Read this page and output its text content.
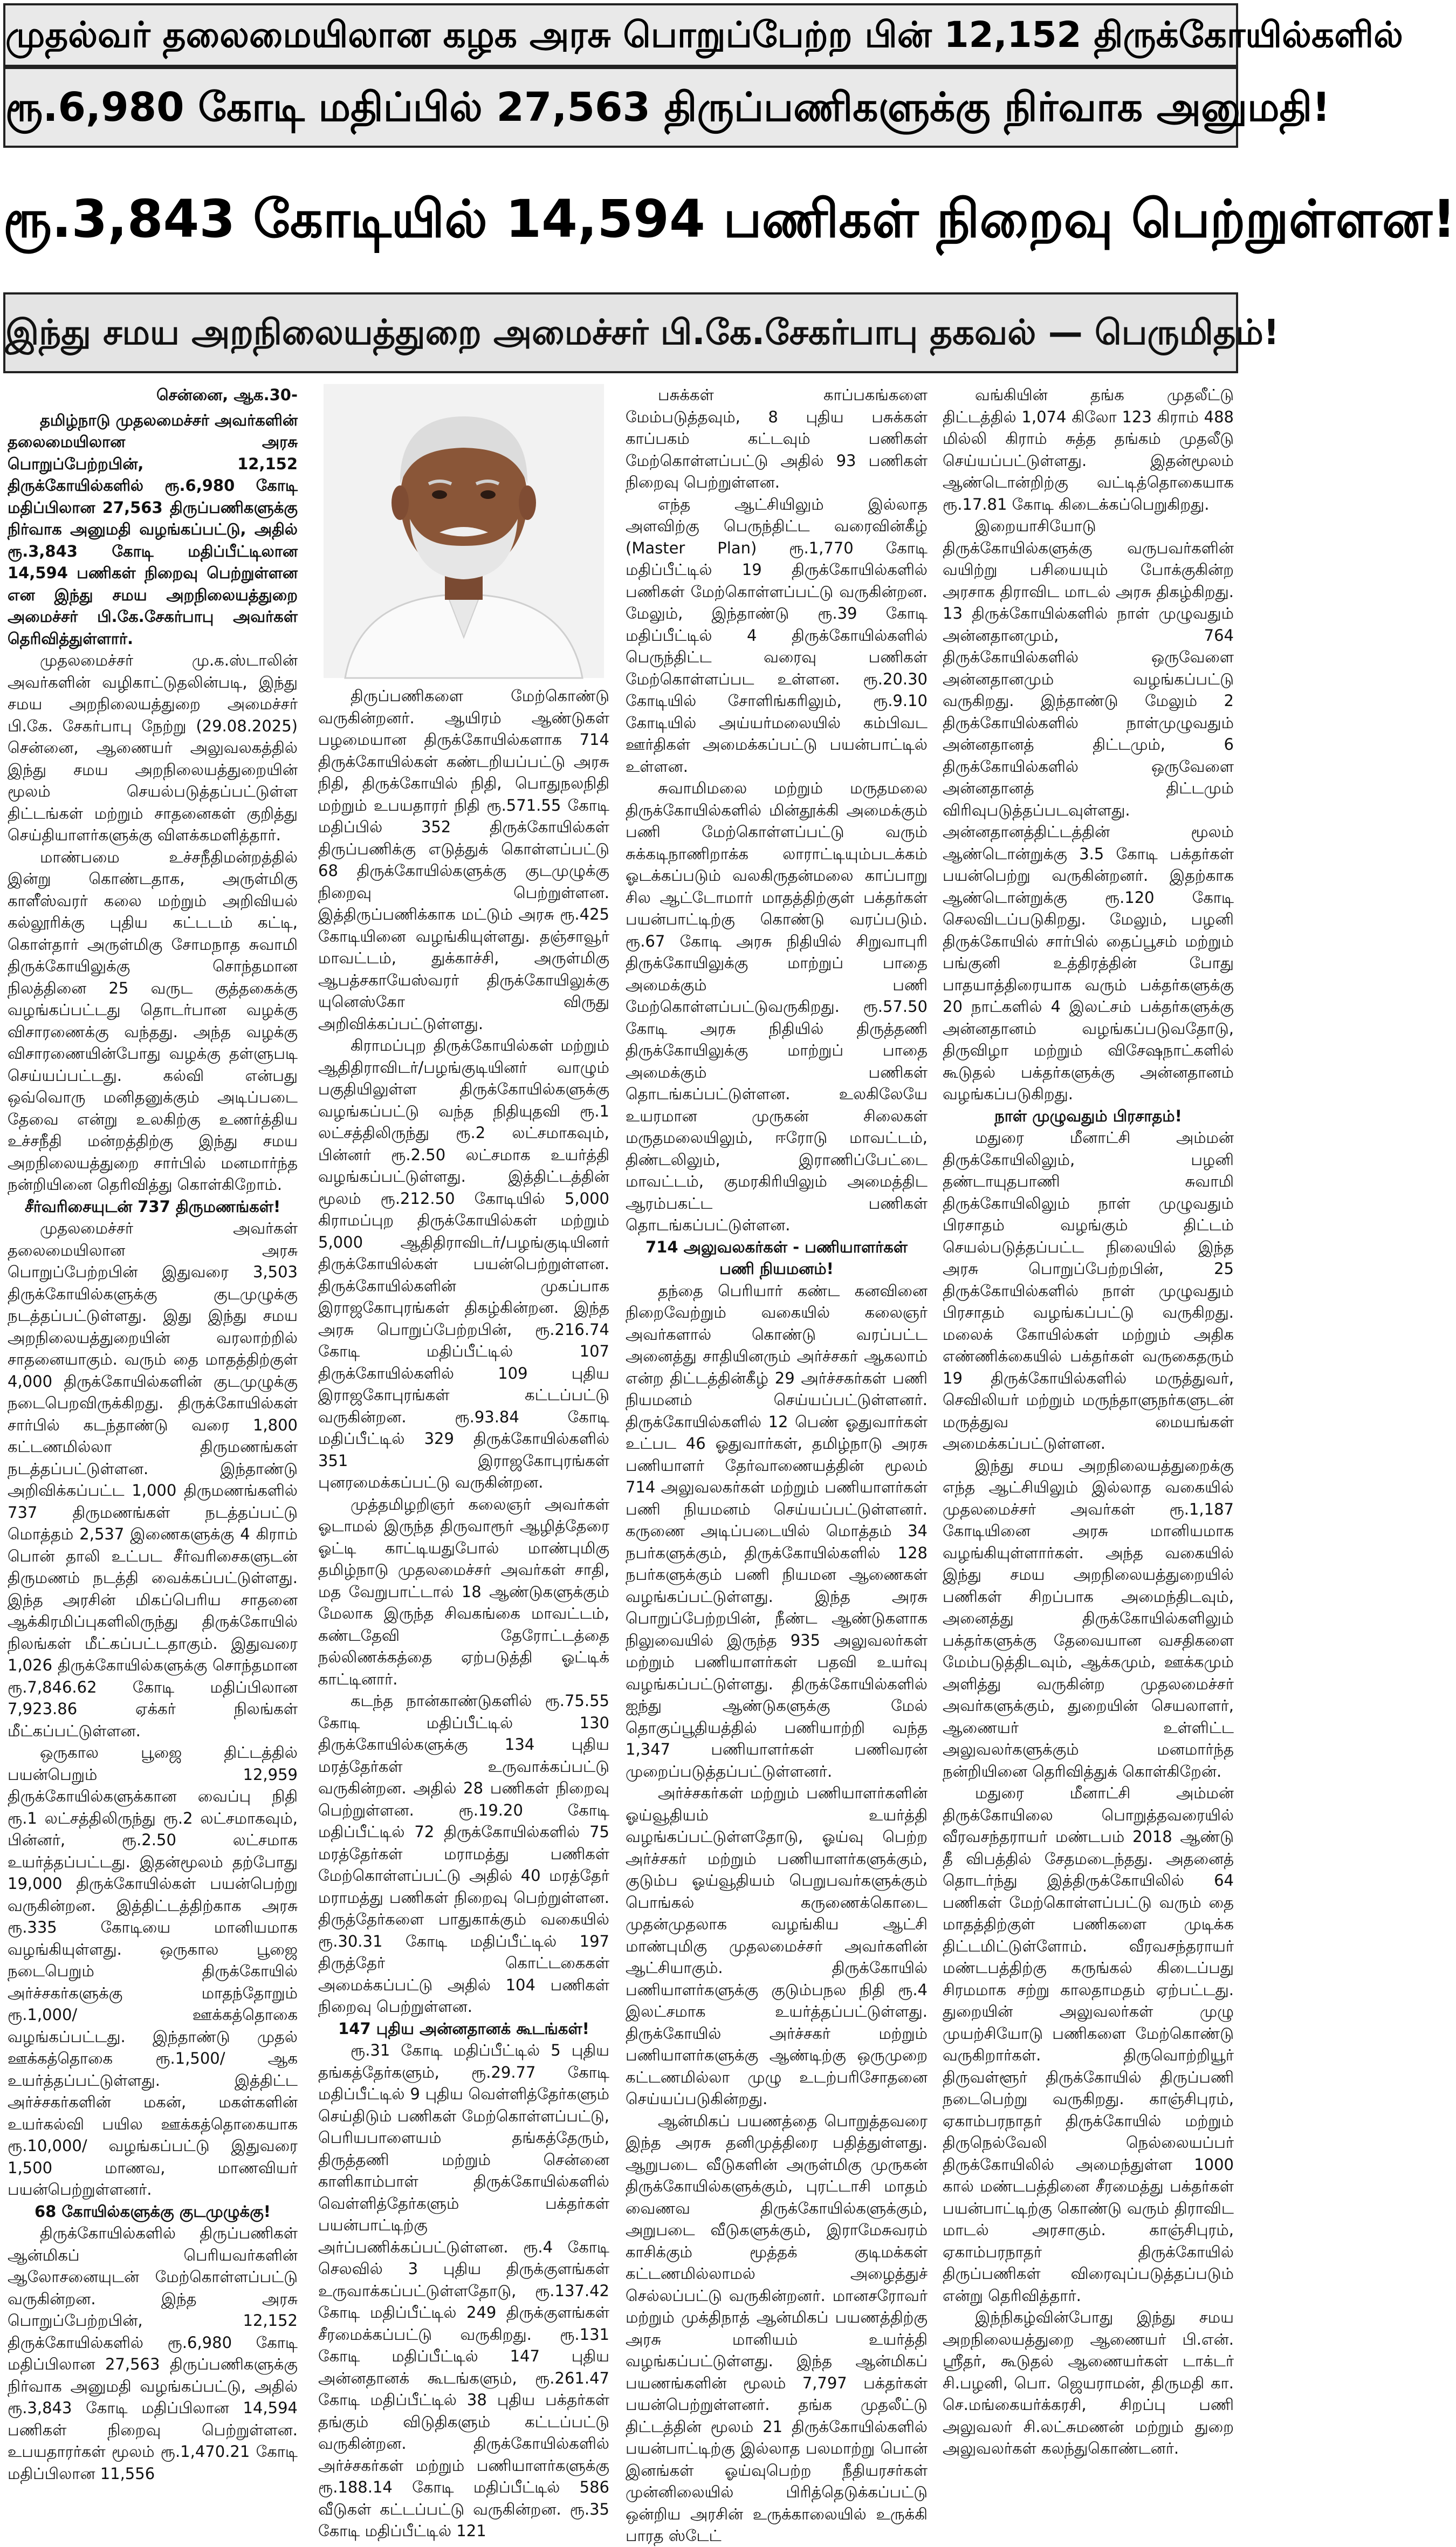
முதல்வர் தலைமையிலான கழக அரசு பொறுப்பேற்ற பின் 12,152 திருக்கோயில்களில்
ரூ.6,980 கோடி மதிப்பில் 27,563 திருப்பணிகளுக்கு நிர்வாக அனுமதி!
ரூ.3,843 கோடியில் 14,594 பணிகள் நிறைவு பெற்றுள்ளன!
இந்து சமய அறநிலையத்துறை அமைச்சர் பி.கே.சேகர்பாபு தகவல் — பெருமிதம்!
சென்னை, ஆக.30-

தமிழ்நாடு முதலமைச்சர் அவர்களின் தலைமையிலான அரசு பொறுப்பேற்றபின், 12,152 திருக்கோயில்களில் ரூ.6,980 கோடி மதிப்பிலான 27,563 திருப்பணிகளுக்கு நிர்வாக அனுமதி வழங்கப்பட்டு, அதில் ரூ.3,843 கோடி மதிப்பீட்டிலான 14,594 பணிகள் நிறைவு பெற்றுள்ளன என இந்து சமய அறநிலையத்துறை அமைச்சர் பி.கே.சேகர்பாபு அவர்கள் தெரிவித்துள்ளார்.

முதலமைச்சர் மு.க.ஸ்டாலின் அவர்களின் வழிகாட்டுதலின்படி, இந்து சமய அறநிலையத்துறை அமைச்சர் பி.கே. சேகர்பாபு நேற்று (29.08.2025) சென்னை, ஆணையர் அலுவலகத்தில் இந்து சமய அறநிலையத்துறையின் மூலம் செயல்படுத்தப்பட்டுள்ள திட்டங்கள் மற்றும் சாதனைகள் குறித்து செய்தியாளர்களுக்கு விளக்கமளித்தார்.

மாண்பமை உச்சநீதிமன்றத்தில் இன்று கொண்டதாக, அருள்மிகு காளீஸ்வரர் கலை மற்றும் அறிவியல் கல்லூரிக்கு புதிய கட்டடம் கட்டி, கொள்தார் அருள்மிகு சோமநாத சுவாமி திருக்கோயிலுக்கு சொந்தமான நிலத்தினை 25 வருட குத்தகைக்கு வழங்கப்பட்டது தொடர்பான வழக்கு விசாரணைக்கு வந்தது. அந்த வழக்கு விசாரணையின்போது வழக்கு தள்ளுபடி செய்யப்பட்டது. கல்வி என்பது ஒவ்வொரு மனிதனுக்கும் அடிப்படை தேவை என்று உலகிற்கு உணர்த்திய உச்சநீதி மன்றத்திற்கு இந்து சமய அறநிலையத்துறை சார்பில் மனமார்ந்த நன்றியினை தெரிவித்து கொள்கிறோம்.

சீர்வரிசையுடன் 737 திருமணங்கள்!

முதலமைச்சர் அவர்கள் தலைமையிலான அரசு பொறுப்பேற்றபின் இதுவரை 3,503 திருக்கோயில்களுக்கு குடமுழுக்கு நடத்தப்பட்டுள்ளது. இது இந்து சமய அறநிலையத்துறையின் வரலாற்றில் சாதனையாகும். வரும் தை மாதத்திற்குள் 4,000 திருக்கோயில்களின் குடமுழுக்கு நடைபெறவிருக்கிறது. திருக்கோயில்கள் சார்பில் கடந்தாண்டு வரை 1,800 கட்டணமில்லா திருமணங்கள் நடத்தப்பட்டுள்ளன. இந்தாண்டு அறிவிக்கப்பட்ட 1,000 திருமணங்களில் 737 திருமணங்கள் நடத்தப்பட்டு மொத்தம் 2,537 இணைகளுக்கு 4 கிராம் பொன் தாலி உட்பட சீர்வரிசைகளுடன் திருமணம் நடத்தி வைக்கப்பட்டுள்ளது. இந்த அரசின் மிகப்பெரிய சாதனை ஆக்கிரமிப்புகளிலிருந்து திருக்கோயில் நிலங்கள் மீட்கப்பட்டதாகும். இதுவரை 1,026 திருக்கோயில்களுக்கு சொந்தமான ரூ.7,846.62 கோடி மதிப்பிலான 7,923.86 ஏக்கர் நிலங்கள் மீட்கப்பட்டுள்ளன.

ஒருகால பூஜை திட்டத்தில் பயன்பெறும் 12,959 திருக்கோயில்களுக்கான வைப்பு நிதி ரூ.1 லட்சத்திலிருந்து ரூ.2 லட்சமாகவும், பின்னர், ரூ.2.50 லட்சமாக உயர்த்தப்பட்டது. இதன்மூலம் தற்போது 19,000 திருக்கோயில்கள் பயன்பெற்று வருகின்றன. இத்திட்டத்திற்காக அரசு ரூ.335 கோடியை மானியமாக வழங்கியுள்ளது. ஒருகால பூஜை நடைபெறும் திருக்கோயில் அர்ச்சகர்களுக்கு மாதந்தோறும் ரூ.1,000/ ஊக்கத்தொகை வழங்கப்பட்டது. இந்தாண்டு முதல் ஊக்கத்தொகை ரூ.1,500/ ஆக உயர்த்தப்பட்டுள்ளது. இத்திட்ட அர்ச்சகர்களின் மகன், மகள்களின் உயர்கல்வி பயில ஊக்கத்தொகையாக ரூ.10,000/ வழங்கப்பட்டு இதுவரை 1,500 மாணவ, மாணவியர் பயன்பெற்றுள்ளனர்.

68 கோயில்களுக்கு குடமுழுக்கு!

திருக்கோயில்களில் திருப்பணிகள் ஆன்மிகப் பெரியவர்களின் ஆலோசனையுடன் மேற்கொள்ளப்பட்டு வருகின்றன. இந்த அரசு பொறுப்பேற்றபின், 12,152 திருக்கோயில்களில் ரூ.6,980 கோடி மதிப்பிலான 27,563 திருப்பணிகளுக்கு நிர்வாக அனுமதி வழங்கப்பட்டு, அதில் ரூ.3,843 கோடி மதிப்பிலான 14,594 பணிகள் நிறைவு பெற்றுள்ளன. உபயதாரர்கள் மூலம் ரூ.1,470.21 கோடி மதிப்பிலான 11,556

திருப்பணிகளை மேற்கொண்டு வருகின்றனர். ஆயிரம் ஆண்டுகள் பழமையான திருக்கோயில்களாக 714 திருக்கோயில்கள் கண்டறியப்பட்டு அரசு நிதி, திருக்கோயில் நிதி, பொதுநலநிதி மற்றும் உபயதாரர் நிதி ரூ.571.55 கோடி மதிப்பில் 352 திருக்கோயில்கள் திருப்பணிக்கு எடுத்துக் கொள்ளப்பட்டு 68 திருக்கோயில்களுக்கு குடமுழுக்கு நிறைவு பெற்றுள்ளன. இத்திருப்பணிக்காக மட்டும் அரசு ரூ.425 கோடியினை வழங்கியுள்ளது. தஞ்சாவூர் மாவட்டம், துக்காச்சி, அருள்மிகு ஆபத்சகாயேஸ்வரர் திருக்கோயிலுக்கு யுனெஸ்கோ விருது அறிவிக்கப்பட்டுள்ளது.

கிராமப்புற திருக்கோயில்கள் மற்றும் ஆதிதிராவிடர்/பழங்குடியினர் வாழும் பகுதியிலுள்ள திருக்கோயில்களுக்கு வழங்கப்பட்டு வந்த நிதியுதவி ரூ.1 லட்சத்திலிருந்து ரூ.2 லட்சமாகவும், பின்னர் ரூ.2.50 லட்சமாக உயர்த்தி வழங்கப்பட்டுள்ளது. இத்திட்டத்தின் மூலம் ரூ.212.50 கோடியில் 5,000 கிராமப்புற திருக்கோயில்கள் மற்றும் 5,000 ஆதிதிராவிடர்/பழங்குடியினர் திருக்கோயில்கள் பயன்பெற்றுள்ளன. திருக்கோயில்களின் முகப்பாக இராஜகோபுரங்கள் திகழ்கின்றன. இந்த அரசு பொறுப்பேற்றபின், ரூ.216.74 கோடி மதிப்பீட்டில் 107 திருக்கோயில்களில் 109 புதிய இராஜகோபுரங்கள் கட்டப்பட்டு வருகின்றன. ரூ.93.84 கோடி மதிப்பீட்டில் 329 திருக்கோயில்களில் 351 இராஜகோபுரங்கள் புனரமைக்கப்பட்டு வருகின்றன.

முத்தமிழறிஞர் கலைஞர் அவர்கள் ஓடாமல் இருந்த திருவாரூர் ஆழித்தேரை ஓட்டி காட்டியதுபோல் மாண்புமிகு தமிழ்நாடு முதலமைச்சர் அவர்கள் சாதி, மத வேறுபாட்டால் 18 ஆண்டுகளுக்கும் மேலாக இருந்த சிவகங்கை மாவட்டம், கண்டதேவி தேரோட்டத்தை நல்லிணக்கத்தை ஏற்படுத்தி ஓட்டிக் காட்டினார்.

கடந்த நான்காண்டுகளில் ரூ.75.55 கோடி மதிப்பீட்டில் 130 திருக்கோயில்களுக்கு 134 புதிய மரத்தேர்கள் உருவாக்கப்பட்டு வருகின்றன. அதில் 28 பணிகள் நிறைவு பெற்றுள்ளன. ரூ.19.20 கோடி மதிப்பீட்டில் 72 திருக்கோயில்களில் 75 மரத்தேர்கள் மராமத்து பணிகள் மேற்கொள்ளப்பட்டு அதில் 40 மரத்தேர் மராமத்து பணிகள் நிறைவு பெற்றுள்ளன. திருத்தேர்களை பாதுகாக்கும் வகையில் ரூ.30.31 கோடி மதிப்பீட்டில் 197 திருத்தேர் கொட்டகைகள் அமைக்கப்பட்டு அதில் 104 பணிகள் நிறைவு பெற்றுள்ளன.

147 புதிய அன்னதானக் கூடங்கள்!

ரூ.31 கோடி மதிப்பீட்டில் 5 புதிய தங்கத்தேர்களும், ரூ.29.77 கோடி மதிப்பீட்டில் 9 புதிய வெள்ளித்தேர்களும் செய்திடும் பணிகள் மேற்கொள்ளப்பட்டு, பெரியபாளையம் தங்கத்தேரும், திருத்தணி மற்றும் சென்னை காளிகாம்பாள் திருக்கோயில்களில் வெள்ளித்தேர்களும் பக்தர்கள் பயன்பாட்டிற்கு அர்ப்பணிக்கப்பட்டுள்ளன. ரூ.4 கோடி செலவில் 3 புதிய திருக்குளங்கள் உருவாக்கப்பட்டுள்ளதோடு, ரூ.137.42 கோடி மதிப்பீட்டில் 249 திருக்குளங்கள் சீரமைக்கப்பட்டு வருகிறது. ரூ.131 கோடி மதிப்பீட்டில் 147 புதிய அன்னதானக் கூடங்களும், ரூ.261.47 கோடி மதிப்பீட்டில் 38 புதிய பக்தர்கள் தங்கும் விடுதிகளும் கட்டப்பட்டு வருகின்றன. திருக்கோயில்களில் அர்ச்சகர்கள் மற்றும் பணியாளர்களுக்கு ரூ.188.14 கோடி மதிப்பீட்டில் 586 வீடுகள் கட்டப்பட்டு வருகின்றன. ரூ.35 கோடி மதிப்பீட்டில் 121

பசுக்கள் காப்பகங்களை மேம்படுத்தவும், 8 புதிய பசுக்கள் காப்பகம் கட்டவும் பணிகள் மேற்கொள்ளப்பட்டு அதில் 93 பணிகள் நிறைவு பெற்றுள்ளன.

எந்த ஆட்சியிலும் இல்லாத அளவிற்கு பெருந்திட்ட வரைவின்கீழ் (Master Plan) ரூ.1,770 கோடி மதிப்பீட்டில் 19 திருக்கோயில்களில் பணிகள் மேற்கொள்ளப்பட்டு வருகின்றன. மேலும், இந்தாண்டு ரூ.39 கோடி மதிப்பீட்டில் 4 திருக்கோயில்களில் பெருந்திட்ட வரைவு பணிகள் மேற்கொள்ளப்பட உள்ளன. ரூ.20.30 கோடியில் சோளிங்கரிலும், ரூ.9.10 கோடியில் அய்யர்மலையில் கம்பிவட ஊர்திகள் அமைக்கப்பட்டு பயன்பாட்டில் உள்ளன.

சுவாமிமலை மற்றும் மருதமலை திருக்கோயில்களில் மின்தூக்கி அமைக்கும் பணி மேற்கொள்ளப்பட்டு வரும் சுக்கடிநாணிறாக்க லாராட்டியும்படக்கம் ஓடக்கப்படும் வலகிருதன்மலை காப்பாறு சில ஆட்டோமார் மாதத்திற்குள் பக்தர்கள் பயன்பாட்டிற்கு கொண்டு வரப்படும். ரூ.67 கோடி அரசு நிதியில் சிறுவாபுரி திருக்கோயிலுக்கு மாற்றுப் பாதை அமைக்கும் பணி மேற்கொள்ளப்பட்டுவருகிறது. ரூ.57.50 கோடி அரசு நிதியில் திருத்தணி திருக்கோயிலுக்கு மாற்றுப் பாதை அமைக்கும் பணிகள் தொடங்கப்பட்டுள்ளன. உலகிலேயே உயரமான முருகன் சிலைகள் மருதமலையிலும், ஈரோடு மாவட்டம், திண்டலிலும், இராணிப்பேட்டை மாவட்டம், குமரகிரியிலும் அமைத்திட ஆரம்பகட்ட பணிகள் தொடங்கப்பட்டுள்ளன.

714 அலுவலகர்கள் - பணியாளர்கள் பணி நியமனம்!

தந்தை பெரியார் கண்ட கனவினை நிறைவேற்றும் வகையில் கலைஞர் அவர்களால் கொண்டு வரப்பட்ட அனைத்து சாதியினரும் அர்ச்சகர் ஆகலாம் என்ற திட்டத்தின்கீழ் 29 அர்ச்சகர்கள் பணி நியமனம் செய்யப்பட்டுள்ளனர். திருக்கோயில்களில் 12 பெண் ஓதுவார்கள் உட்பட 46 ஓதுவார்கள், தமிழ்நாடு அரசு பணியாளர் தேர்வாணையத்தின் மூலம் 714 அலுவலகர்கள் மற்றும் பணியாளர்கள் பணி நியமனம் செய்யப்பட்டுள்ளனர். கருணை அடிப்படையில் மொத்தம் 34 நபர்களுக்கும், திருக்கோயில்களில் 128 நபர்களுக்கும் பணி நியமன ஆணைகள் வழங்கப்பட்டுள்ளது. இந்த அரசு பொறுப்பேற்றபின், நீண்ட ஆண்டுகளாக நிலுவையில் இருந்த 935 அலுவலர்கள் மற்றும் பணியாளர்கள் பதவி உயர்வு வழங்கப்பட்டுள்ளது. திருக்கோயில்களில் ஐந்து ஆண்டுகளுக்கு மேல் தொகுப்பூதியத்தில் பணியாற்றி வந்த 1,347 பணியாளர்கள் பணிவரன் முறைப்படுத்தப்பட்டுள்ளனர்.

அர்ச்சகர்கள் மற்றும் பணியாளர்களின் ஓய்வூதியம் உயர்த்தி வழங்கப்பட்டுள்ளதோடு, ஓய்வு பெற்ற அர்ச்சகர் மற்றும் பணியாளர்களுக்கும், குடும்ப ஓய்வூதியம் பெறுபவர்களுக்கும் பொங்கல் கருணைக்கொடை முதன்முதலாக வழங்கிய ஆட்சி மாண்புமிகு முதலமைச்சர் அவர்களின் ஆட்சியாகும். திருக்கோயில் பணியாளர்களுக்கு குடும்பநல நிதி ரூ.4 இலட்சமாக உயர்த்தப்பட்டுள்ளது. திருக்கோயில் அர்ச்சகர் மற்றும் பணியாளர்களுக்கு ஆண்டிற்கு ஒருமுறை கட்டணமில்லா முழு உடற்பரிசோதனை செய்யப்படுகின்றது.

ஆன்மிகப் பயணத்தை பொறுத்தவரை இந்த அரசு தனிமுத்திரை பதித்துள்ளது. ஆறுபடை வீடுகளின் அருள்மிகு முருகன் திருக்கோயில்களுக்கும், புரட்டாசி மாதம் வைணவ திருக்கோயில்களுக்கும், அறுபடை வீடுகளுக்கும், இராமேசுவரம் காசிக்கும் மூத்தக் குடிமக்கள் கட்டணமில்லாமல் அழைத்துச் செல்லப்பட்டு வருகின்றனர். மானசரோவர் மற்றும் முக்திநாத் ஆன்மிகப் பயணத்திற்கு அரசு மானியம் உயர்த்தி வழங்கப்பட்டுள்ளது. இந்த ஆன்மிகப் பயணங்களின் மூலம் 7,797 பக்தர்கள் பயன்பெற்றுள்ளனர். தங்க முதலீட்டு திட்டத்தின் மூலம் 21 திருக்கோயில்களில் பயன்பாட்டிற்கு இல்லாத பலமாற்று பொன் இனங்கள் ஓய்வுபெற்ற நீதியரசர்கள் முன்னிலையில் பிரித்தெடுக்கப்பட்டு ஒன்றிய அரசின் உருக்காலையில் உருக்கி பாரத ஸ்டேட்

வங்கியின் தங்க முதலீட்டு திட்டத்தில் 1,074 கிலோ 123 கிராம் 488 மில்லி கிராம் சுத்த தங்கம் முதலீடு செய்யப்பட்டுள்ளது. இதன்மூலம் ஆண்டொன்றிற்கு வட்டித்தொகையாக ரூ.17.81 கோடி கிடைக்கப்பெறுகிறது.

இறையாசியோடு திருக்கோயில்களுக்கு வருபவர்களின் வயிற்று பசியையும் போக்குகின்ற அரசாக திராவிட மாடல் அரசு திகழ்கிறது. 13 திருக்கோயில்களில் நாள் முழுவதும் அன்னதானமும், 764 திருக்கோயில்களில் ஒருவேளை அன்னதானமும் வழங்கப்பட்டு வருகிறது. இந்தாண்டு மேலும் 2 திருக்கோயில்களில் நாள்முழுவதும் அன்னதானத் திட்டமும், 6 திருக்கோயில்களில் ஒருவேளை அன்னதானத் திட்டமும் விரிவுபடுத்தப்படவுள்ளது. அன்னதானத்திட்டத்தின் மூலம் ஆண்டொன்றுக்கு 3.5 கோடி பக்தர்கள் பயன்பெற்று வருகின்றனர். இதற்காக ஆண்டொன்றுக்கு ரூ.120 கோடி செலவிடப்படுகிறது. மேலும், பழனி திருக்கோயில் சார்பில் தைப்பூசம் மற்றும் பங்குனி உத்திரத்தின் போது பாதயாத்திரையாக வரும் பக்தர்களுக்கு 20 நாட்களில் 4 இலட்சம் பக்தர்களுக்கு அன்னதானம் வழங்கப்படுவதோடு, திருவிழா மற்றும் விசேஷநாட்களில் கூடுதல் பக்தர்களுக்கு அன்னதானம் வழங்கப்படுகிறது.

நாள் முழுவதும் பிரசாதம்!

மதுரை மீனாட்சி அம்மன் திருக்கோயிலிலும், பழனி தண்டாயுதபாணி சுவாமி திருக்கோயிலிலும் நாள் முழுவதும் பிரசாதம் வழங்கும் திட்டம் செயல்படுத்தப்பட்ட நிலையில் இந்த அரசு பொறுப்பேற்றபின், 25 திருக்கோயில்களில் நாள் முழுவதும் பிரசாதம் வழங்கப்பட்டு வருகிறது. மலைக் கோயில்கள் மற்றும் அதிக எண்ணிக்கையில் பக்தர்கள் வருகைதரும் 19 திருக்கோயில்களில் மருத்துவர், செவிலியர் மற்றும் மருந்தாளுநர்களுடன் மருத்துவ மையங்கள் அமைக்கப்பட்டுள்ளன.

இந்து சமய அறநிலையத்துறைக்கு எந்த ஆட்சியிலும் இல்லாத வகையில் முதலமைச்சர் அவர்கள் ரூ.1,187 கோடியினை அரசு மானியமாக வழங்கியுள்ளார்கள். அந்த வகையில் இந்து சமய அறநிலையத்துறையில் பணிகள் சிறப்பாக அமைந்திடவும், அனைத்து திருக்கோயில்களிலும் பக்தர்களுக்கு தேவையான வசதிகளை மேம்படுத்திடவும், ஆக்கமும், ஊக்கமும் அளித்து வருகின்ற முதலமைச்சர் அவர்களுக்கும், துறையின் செயலாளர், ஆணையர் உள்ளிட்ட அலுவலர்களுக்கும் மனமார்ந்த நன்றியினை தெரிவித்துக் கொள்கிறேன்.

மதுரை மீனாட்சி அம்மன் திருக்கோயிலை பொறுத்தவரையில் வீரவசந்தராயர் மண்டபம் 2018 ஆண்டு தீ விபத்தில் சேதமடைந்தது. அதனைத் தொடர்ந்து இத்திருக்கோயிலில் 64 பணிகள் மேற்கொள்ளப்பட்டு வரும் தை மாதத்திற்குள் பணிகளை முடிக்க திட்டமிட்டுள்ளோம். வீரவசந்தராயர் மண்டபத்திற்கு கருங்கல் கிடைப்பது சிரமமாக சற்று காலதாமதம் ஏற்பட்டது. துறையின் அலுவலர்கள் முழு முயற்சியோடு பணிகளை மேற்கொண்டு வருகிறார்கள். திருவொற்றியூர் திருவள்ளூர் திருக்கோயில் திருப்பணி நடைபெற்று வருகிறது. காஞ்சிபுரம், ஏகாம்பரநாதர் திருக்கோயில் மற்றும் திருநெல்வேலி நெல்லையப்பர் திருக்கோயிலில் அமைந்துள்ள 1000 கால் மண்டபத்தினை சீரமைத்து பக்தர்கள் பயன்பாட்டிற்கு கொண்டு வரும் திராவிட மாடல் அரசாகும். காஞ்சிபுரம், ஏகாம்பரநாதர் திருக்கோயில் திருப்பணிகள் விரைவுப்படுத்தப்படும் என்று தெரிவித்தார்.

இந்நிகழ்வின்போது இந்து சமய அறநிலையத்துறை ஆணையர் பி.என். ஸ்ரீதர், கூடுதல் ஆணையர்கள் டாக்டர் சி.பழனி, பொ. ஜெயராமன், திருமதி கா. செ.மங்கையர்க்கரசி, சிறப்பு பணி அலுவலர் சி.லட்சுமணன் மற்றும் துறை அலுவலர்கள் கலந்துகொண்டனர்.
